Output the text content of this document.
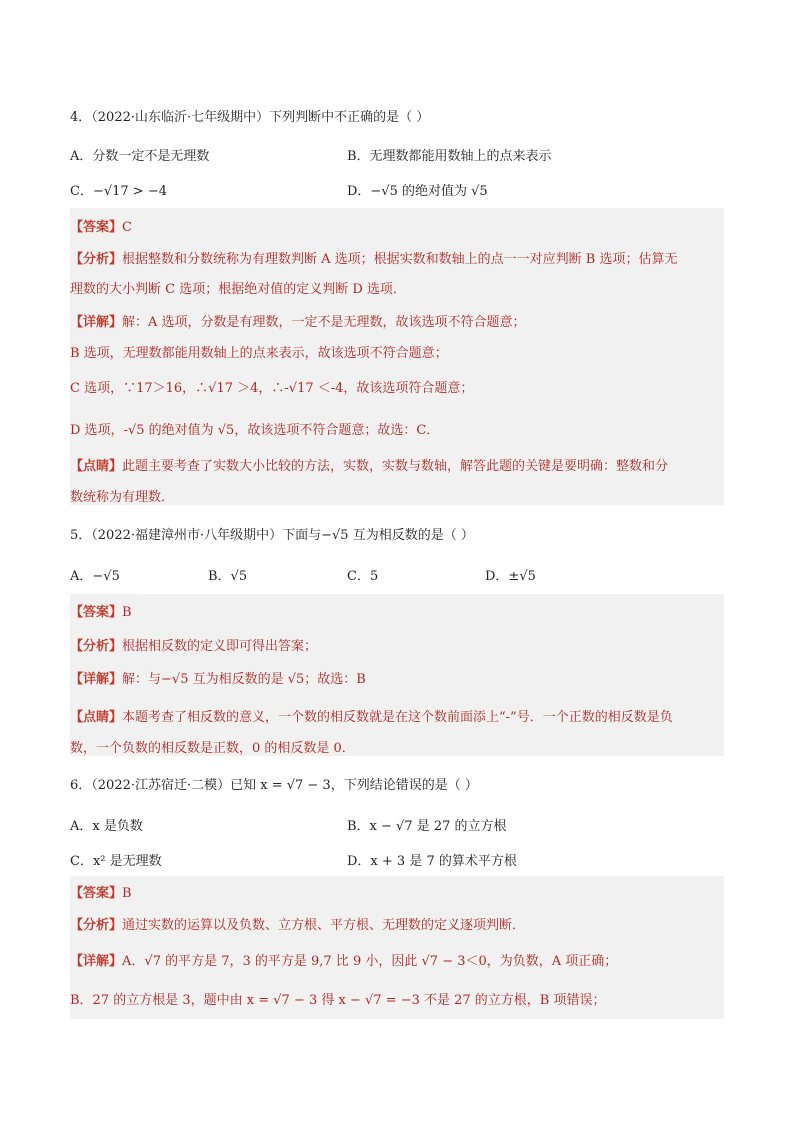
4．（2022·山东临沂·七年级期中）下列判断中不正确的是（ ）
A．分数一定不是无理数	B．无理数都能用数轴上的点来表示
C．−√17 > −4	D．−√5 的绝对值为 √5
【答案】C
【分析】根据整数和分数统称为有理数判断 A 选项；根据实数和数轴上的点一一对应判断 B 选项；估算无
理数的大小判断 C 选项；根据绝对值的定义判断 D 选项．
【详解】解：A 选项，分数是有理数，一定不是无理数，故该选项不符合题意；
B 选项，无理数都能用数轴上的点来表示，故该选项不符合题意；
C 选项，∵17＞16，∴√17 ＞4，∴-√17 ＜-4，故该选项符合题意；
D 选项，-√5 的绝对值为 √5，故该选项不符合题意；故选：C．
【点睛】此题主要考查了实数大小比较的方法，实数，实数与数轴，解答此题的关键是要明确：整数和分
数统称为有理数．
5．（2022·福建漳州市·八年级期中）下面与−√5 互为相反数的是（ ）
A．−√5	B．√5	C．5	D．±√5
【答案】B
【分析】根据相反数的定义即可得出答案；
【详解】解：与−√5 互为相反数的是 √5；故选：B
【点睛】本题考查了相反数的意义，一个数的相反数就是在这个数前面添上“-”号．一个正数的相反数是负
数，一个负数的相反数是正数，0 的相反数是 0．
6．（2022·江苏宿迁·二模）已知 x = √7 − 3，下列结论错误的是（ ）
A．x 是负数	B．x − √7 是 27 的立方根
C．x² 是无理数	D．x + 3 是 7 的算术平方根
【答案】B
【分析】通过实数的运算以及负数、立方根、平方根、无理数的定义逐项判断．
【详解】A．√7 的平方是 7，3 的平方是 9,7 比 9 小，因此 √7 − 3＜0，为负数，A 项正确；
B．27 的立方根是 3，题中由 x = √7 − 3 得 x − √7 = −3 不是 27 的立方根，B 项错误；
